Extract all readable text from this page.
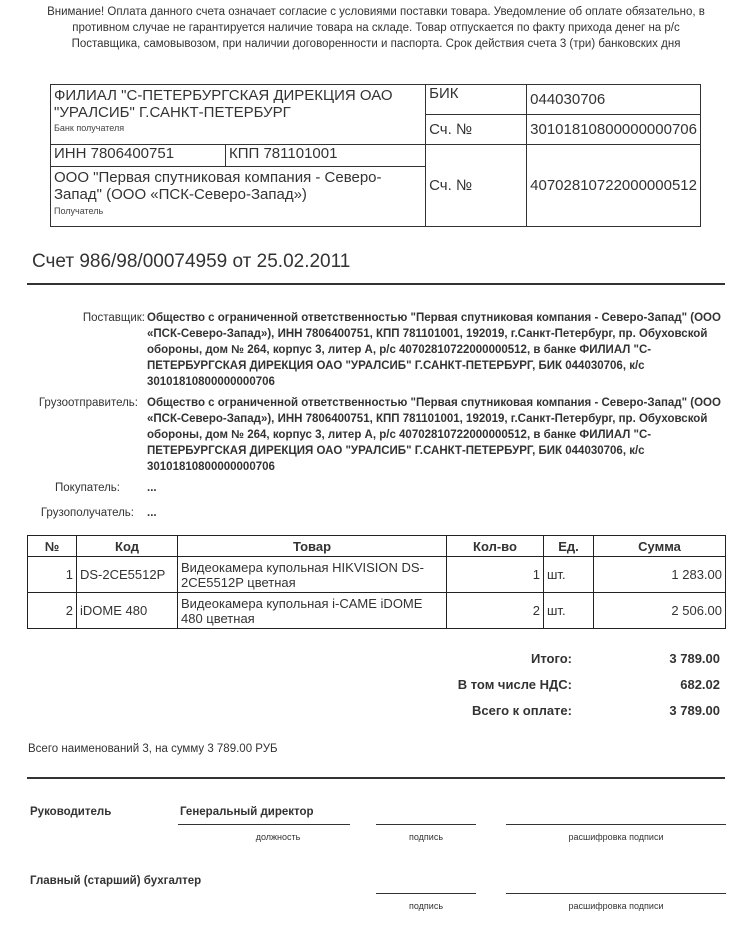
Внимание! Оплата данного счета означает согласие с условиями поставки товара. Уведомление об оплате обязательно, в противном случае не гарантируется наличие товара на складе. Товар отпускается по факту прихода денег на р/с Поставщика, самовывозом, при наличии договоренности и паспорта. Срок действия счета 3 (три) банковских дня
ФИЛИАЛ "С-ПЕТЕРБУРГСКАЯ ДИРЕКЦИЯ ОАО "УРАЛСИБ" Г.САНКТ-ПЕТЕРБУРГ
Банк получателя		БИК	044030706
		Сч. №	30101810800000000706
ИНН 7806400751	КПП 781101001	Сч. №	40702810722000000512

ООО "Первая спутниковая компания - Северо-Запад" (ООО «ПСК-Северо-Запад»)
Получатель			
Счет 986/98/00074959 от 25.02.2011
Поставщик: Общество с ограниченной ответственностью "Первая спутниковая компания - Северо-Запад" (ООО «ПСК-Северо-Запад»), ИНН 7806400751, КПП 781101001, 192019, г.Санкт-Петербург, пр. Обуховской обороны, дом № 264, корпус 3, литер А, р/с 40702810722000000512, в банке ФИЛИАЛ "С-ПЕТЕРБУРГСКАЯ ДИРЕКЦИЯ ОАО "УРАЛСИБ" Г.САНКТ-ПЕТЕРБУРГ, БИК 044030706, к/с 30101810800000000706
Грузоотправитель: Общество с ограниченной ответственностью "Первая спутниковая компания - Северо-Запад" (ООО «ПСК-Северо-Запад»), ИНН 7806400751, КПП 781101001, 192019, г.Санкт-Петербург, пр. Обуховской обороны, дом № 264, корпус 3, литер А, р/с 40702810722000000512, в банке ФИЛИАЛ "С-ПЕТЕРБУРГСКАЯ ДИРЕКЦИЯ ОАО "УРАЛСИБ" Г.САНКТ-ПЕТЕРБУРГ, БИК 044030706, к/с 30101810800000000706
Покупатель: ...
Грузополучатель: ...
№	Код	Товар	Кол-во	Ед.	Сумма
1	DS-2CE5512P	Видеокамера купольная HIKVISION DS-2CE5512P цветная	1	шт.	1 283.00
2	iDOME 480	Видеокамера купольная i-CAME iDOME 480 цветная	2	шт.	2 506.00
Итого:	3 789.00
В том числе НДС:	682.02
Всего к оплате:	3 789.00
Всего наименований 3, на сумму 3 789.00 РУБ
Руководитель	Генеральный директор
должность	подпись	расшифровка подписи
Главный (старший) бухгалтер
подпись	расшифровка подписи
